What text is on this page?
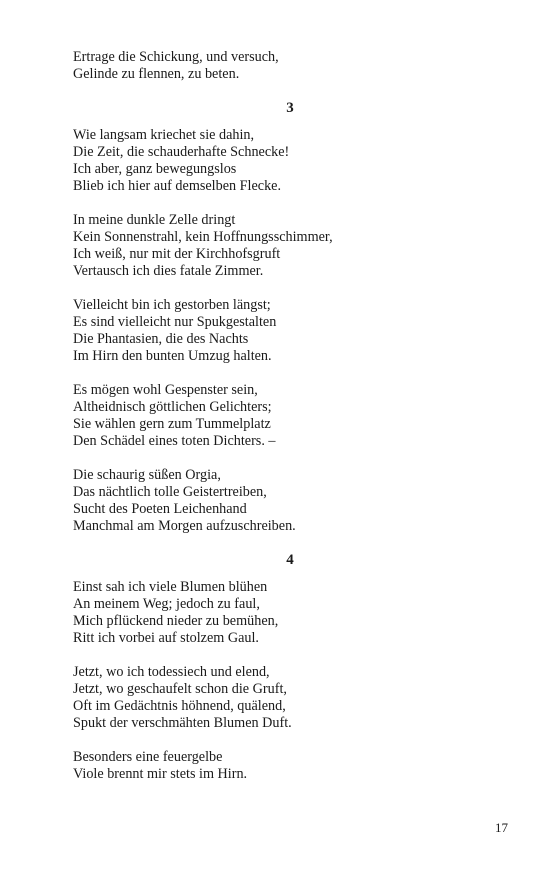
Ertrage die Schickung, und versuch,
Gelinde zu flennen, zu beten.
3
Wie langsam kriechet sie dahin,
Die Zeit, die schauderhafte Schnecke!
Ich aber, ganz bewegungslos
Blieb ich hier auf demselben Flecke.
In meine dunkle Zelle dringt
Kein Sonnenstrahl, kein Hoffnungsschimmer,
Ich weiß, nur mit der Kirchhofsgruft
Vertausch ich dies fatale Zimmer.
Vielleicht bin ich gestorben längst;
Es sind vielleicht nur Spukgestalten
Die Phantasien, die des Nachts
Im Hirn den bunten Umzug halten.
Es mögen wohl Gespenster sein,
Altheidnisch göttlichen Gelichters;
Sie wählen gern zum Tummelplatz
Den Schädel eines toten Dichters. –
Die schaurig süßen Orgia,
Das nächtlich tolle Geistertreiben,
Sucht des Poeten Leichenhand
Manchmal am Morgen aufzuschreiben.
4
Einst sah ich viele Blumen blühen
An meinem Weg; jedoch zu faul,
Mich pflückend nieder zu bemühen,
Ritt ich vorbei auf stolzem Gaul.
Jetzt, wo ich todessiech und elend,
Jetzt, wo geschaufelt schon die Gruft,
Oft im Gedächtnis höhnend, quälend,
Spukt der verschmähten Blumen Duft.
Besonders eine feuergelbe
Viole brennt mir stets im Hirn.
17
